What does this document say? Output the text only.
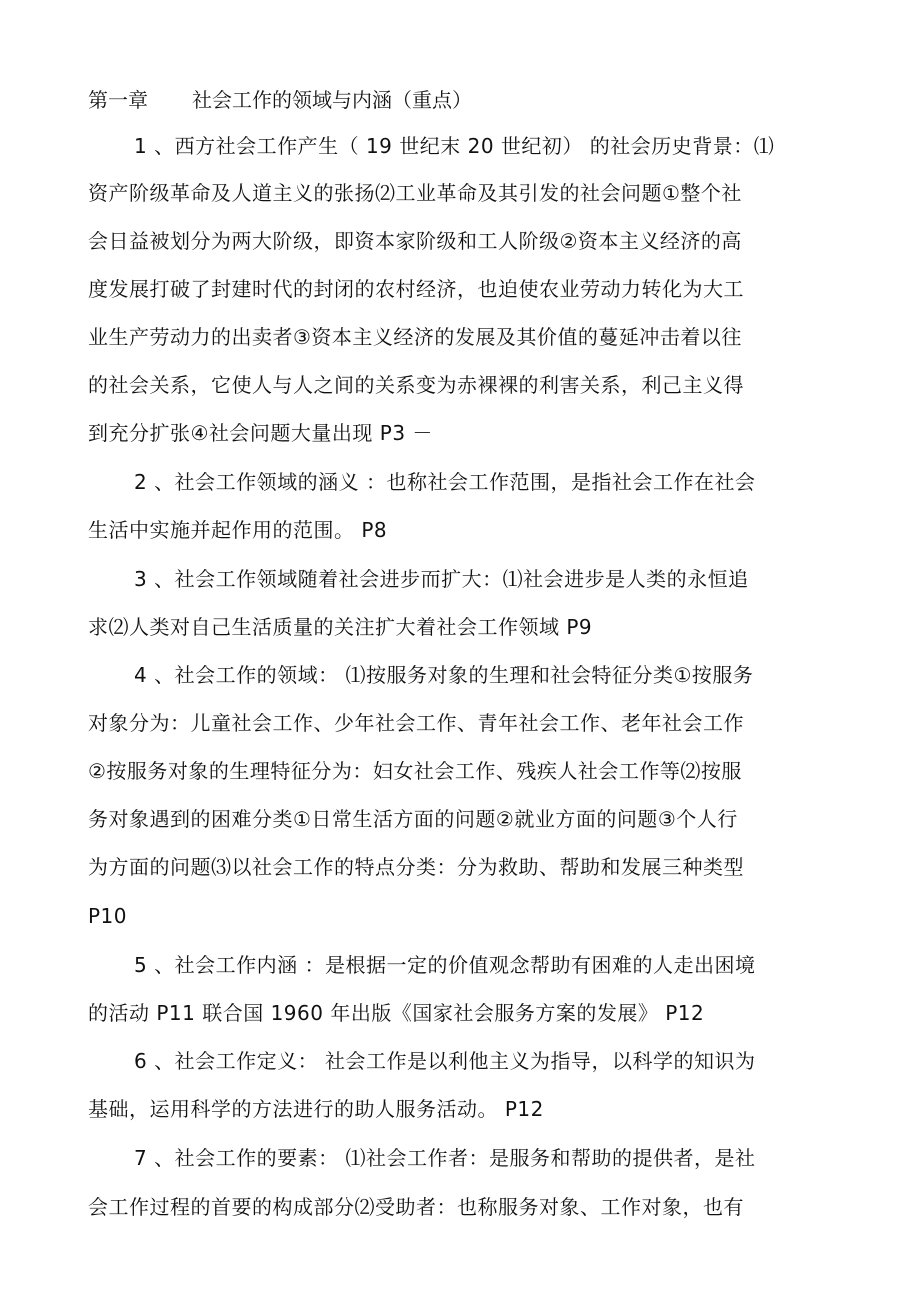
第一章 社会工作的领域与内涵（重点）
1 、西方社会工作产生（ 19 世纪末 20 世纪初） 的社会历史背景：⑴
资产阶级革命及人道主义的张扬⑵工业革命及其引发的社会问题①整个社
会日益被划分为两大阶级，即资本家阶级和工人阶级②资本主义经济的高
度发展打破了封建时代的封闭的农村经济，也迫使农业劳动力转化为大工
业生产劳动力的出卖者③资本主义经济的发展及其价值的蔓延冲击着以往
的社会关系，它使人与人之间的关系变为赤裸裸的利害关系，利己主义得
到充分扩张④社会问题大量出现 P3 －
2 、社会工作领域的涵义 ：也称社会工作范围，是指社会工作在社会
生活中实施并起作用的范围。 P8
3 、社会工作领域随着社会进步而扩大：⑴社会进步是人类的永恒追
求⑵人类对自己生活质量的关注扩大着社会工作领域 P9
4 、社会工作的领域： ⑴按服务对象的生理和社会特征分类①按服务
对象分为：儿童社会工作、少年社会工作、青年社会工作、老年社会工作
②按服务对象的生理特征分为：妇女社会工作、残疾人社会工作等⑵按服
务对象遇到的困难分类①日常生活方面的问题②就业方面的问题③个人行
为方面的问题⑶以社会工作的特点分类：分为救助、帮助和发展三种类型
P10
5 、社会工作内涵 ：是根据一定的价值观念帮助有困难的人走出困境
的活动 P11 联合国 1960 年出版《国家社会服务方案的发展》 P12
6 、社会工作定义： 社会工作是以利他主义为指导，以科学的知识为
基础，运用科学的方法进行的助人服务活动。 P12
7 、社会工作的要素： ⑴社会工作者：是服务和帮助的提供者，是社
会工作过程的首要的构成部分⑵受助者：也称服务对象、工作对象，也有
